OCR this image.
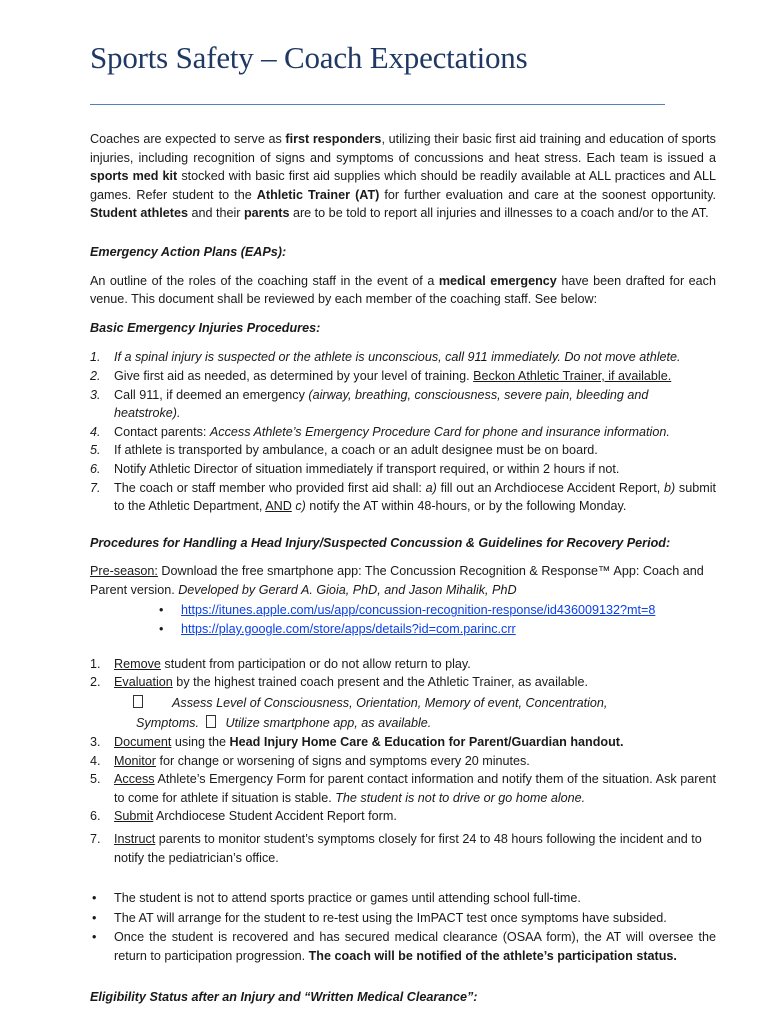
Sports Safety – Coach Expectations

Coaches are expected to serve as first responders, utilizing their basic first aid training and education of sports injuries, including recognition of signs and symptoms of concussions and heat stress. Each team is issued a sports med kit stocked with basic first aid supplies which should be readily available at ALL practices and ALL games. Refer student to the Athletic Trainer (AT) for further evaluation and care at the soonest opportunity. Student athletes and their parents are to be told to report all injuries and illnesses to a coach and/or to the AT.

Emergency Action Plans (EAPs):

An outline of the roles of the coaching staff in the event of a medical emergency have been drafted for each venue. This document shall be reviewed by each member of the coaching staff. See below:

Basic Emergency Injuries Procedures:

1. If a spinal injury is suspected or the athlete is unconscious, call 911 immediately. Do not move athlete.
2. Give first aid as needed, as determined by your level of training. Beckon Athletic Trainer, if available.
3. Call 911, if deemed an emergency (airway, breathing, consciousness, severe pain, bleeding and heatstroke).
4. Contact parents: Access Athlete’s Emergency Procedure Card for phone and insurance information.
5. If athlete is transported by ambulance, a coach or an adult designee must be on board.
6. Notify Athletic Director of situation immediately if transport required, or within 2 hours if not.
7. The coach or staff member who provided first aid shall: a) fill out an Archdiocese Accident Report, b) submit to the Athletic Department, AND c) notify the AT within 48-hours, or by the following Monday.

Procedures for Handling a Head Injury/Suspected Concussion & Guidelines for Recovery Period:

Pre-season: Download the free smartphone app: The Concussion Recognition & Response™ App: Coach and Parent version. Developed by Gerard A. Gioia, PhD, and Jason Mihalik, PhD

• https://itunes.apple.com/us/app/concussion-recognition-response/id436009132?mt=8
• https://play.google.com/store/apps/details?id=com.parinc.crr
1. Remove student from participation or do not allow return to play.
2. Evaluation by the highest trained coach present and the Athletic Trainer, as available.
Assess Level of Consciousness, Orientation, Memory of event, Concentration,
Symptoms. Utilize smartphone app, as available.
3. Document using the Head Injury Home Care & Education for Parent/Guardian handout.
4. Monitor for change or worsening of signs and symptoms every 20 minutes.
5. Access Athlete’s Emergency Form for parent contact information and notify them of the situation. Ask parent to come for athlete if situation is stable. The student is not to drive or go home alone.
6. Submit Archdiocese Student Accident Report form.
7. Instruct parents to monitor student’s symptoms closely for first 24 to 48 hours following the incident and to notify the pediatrician’s office.
• The student is not to attend sports practice or games until attending school full-time.
• The AT will arrange for the student to re-test using the ImPACT test once symptoms have subsided.
• Once the student is recovered and has secured medical clearance (OSAA form), the AT will oversee the return to participation progression. The coach will be notified of the athlete’s participation status.

Eligibility Status after an Injury and “Written Medical Clearance”:
